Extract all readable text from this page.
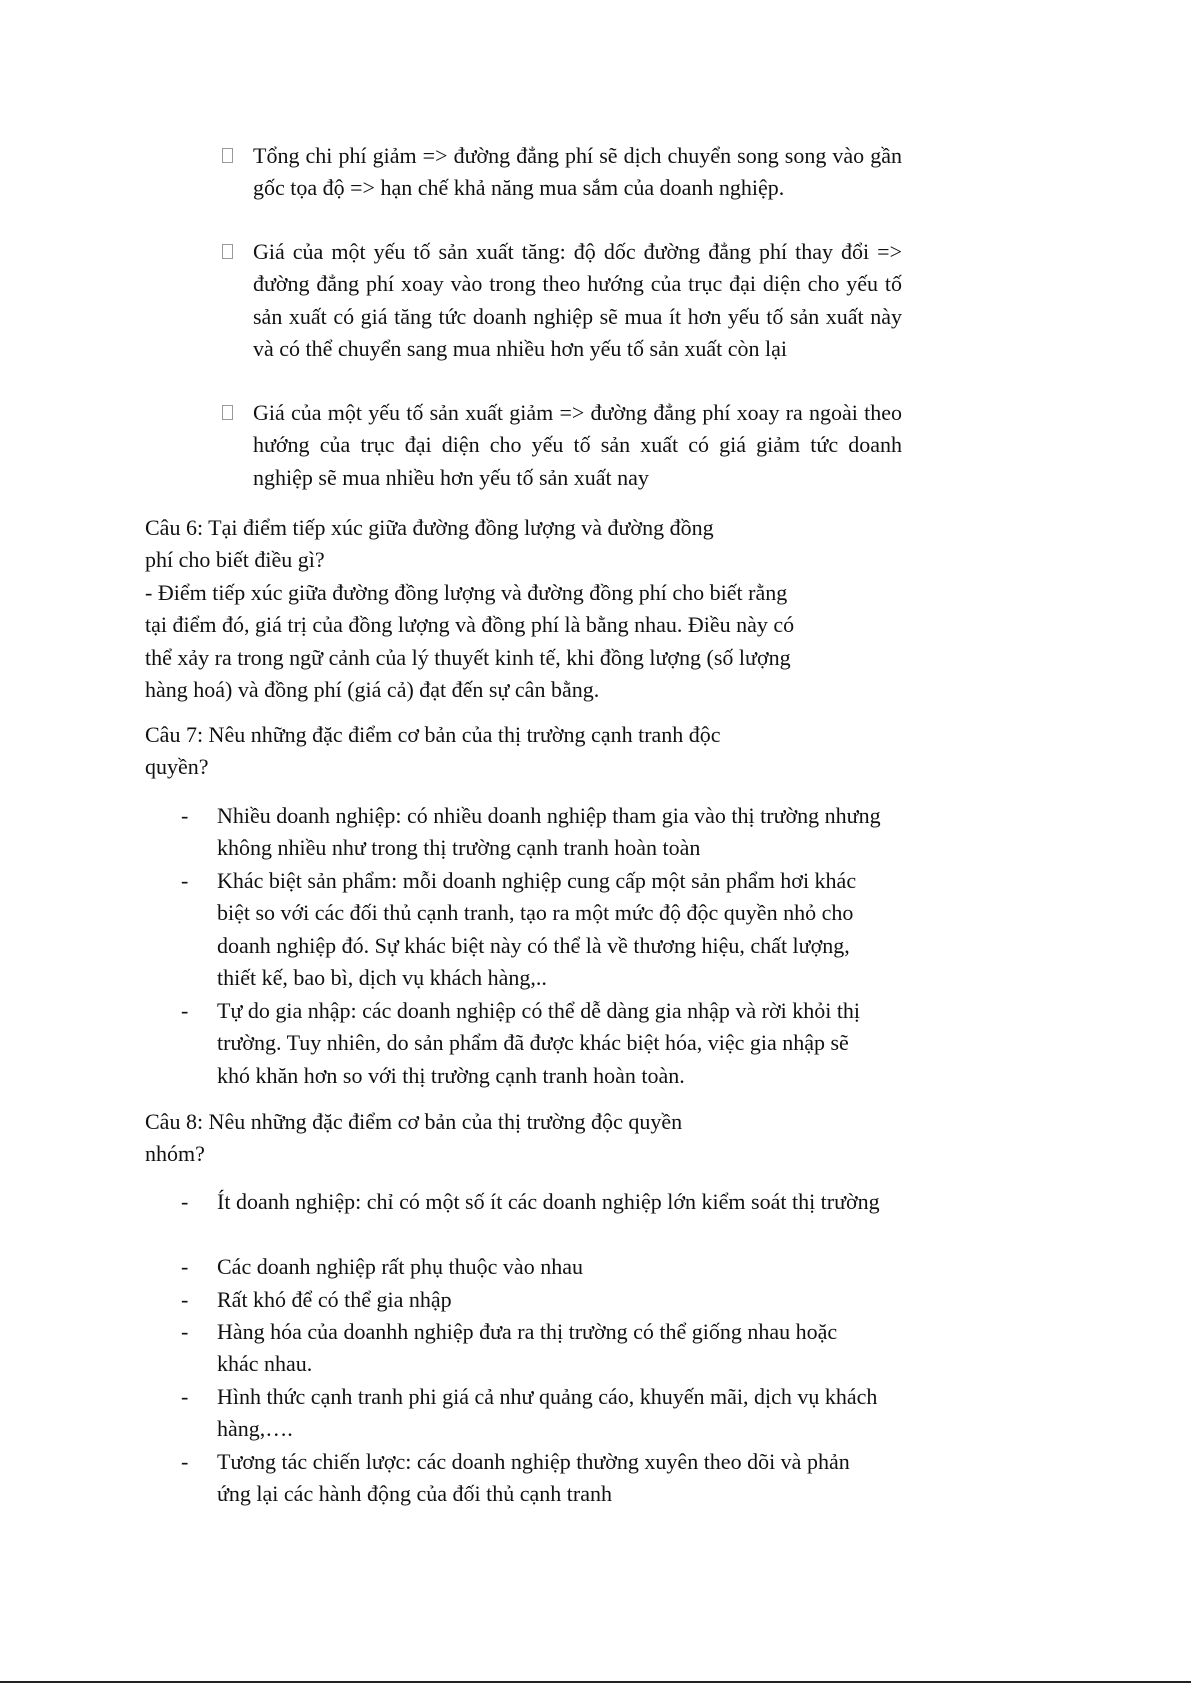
Tổng chi phí giảm => đường đẳng phí sẽ dịch chuyển song song vào gần gốc tọa độ => hạn chế khả năng mua sắm của doanh nghiệp.
Giá của một yếu tố sản xuất tăng: độ dốc đường đẳng phí thay đổi => đường đẳng phí xoay vào trong theo hướng của trục đại diện cho yếu tố sản xuất có giá tăng tức doanh nghiệp sẽ mua ít hơn yếu tố sản xuất này và có thể chuyển sang mua nhiều hơn yếu tố sản xuất còn lại
Giá của một yếu tố sản xuất giảm => đường đẳng phí xoay ra ngoài theo hướng của trục đại diện cho yếu tố sản xuất có giá giảm tức doanh nghiệp sẽ mua nhiều hơn yếu tố sản xuất nay
Câu 6: Tại điểm tiếp xúc giữa đường đồng lượng và đường đồng
phí cho biết điều gì?
- Điểm tiếp xúc giữa đường đồng lượng và đường đồng phí cho biết rằng
tại điểm đó, giá trị của đồng lượng và đồng phí là bằng nhau. Điều này có
thể xảy ra trong ngữ cảnh của lý thuyết kinh tế, khi đồng lượng (số lượng
hàng hoá) và đồng phí (giá cả) đạt đến sự cân bằng.
Câu 7: Nêu những đặc điểm cơ bản của thị trường cạnh tranh độc
quyền?
- Nhiều doanh nghiệp: có nhiều doanh nghiệp tham gia vào thị trường nhưng không nhiều như trong thị trường cạnh tranh hoàn toàn
- Khác biệt sản phẩm: mỗi doanh nghiệp cung cấp một sản phẩm hơi khác biệt so với các đối thủ cạnh tranh, tạo ra một mức độ độc quyền nhỏ cho doanh nghiệp đó. Sự khác biệt này có thể là về thương hiệu, chất lượng, thiết kế, bao bì, dịch vụ khách hàng,..
- Tự do gia nhập: các doanh nghiệp có thể dễ dàng gia nhập và rời khỏi thị trường. Tuy nhiên, do sản phẩm đã được khác biệt hóa, việc gia nhập sẽ khó khăn hơn so với thị trường cạnh tranh hoàn toàn.
Câu 8: Nêu những đặc điểm cơ bản của thị trường độc quyền
nhóm?
- Ít doanh nghiệp: chỉ có một số ít các doanh nghiệp lớn kiểm soát thị trường
- Các doanh nghiệp rất phụ thuộc vào nhau
- Rất khó để có thể gia nhập
- Hàng hóa của doanhh nghiệp đưa ra thị trường có thể giống nhau hoặc khác nhau.
- Hình thức cạnh tranh phi giá cả như quảng cáo, khuyến mãi, dịch vụ khách hàng,….
- Tương tác chiến lược: các doanh nghiệp thường xuyên theo dõi và phản ứng lại các hành động của đối thủ cạnh tranh
